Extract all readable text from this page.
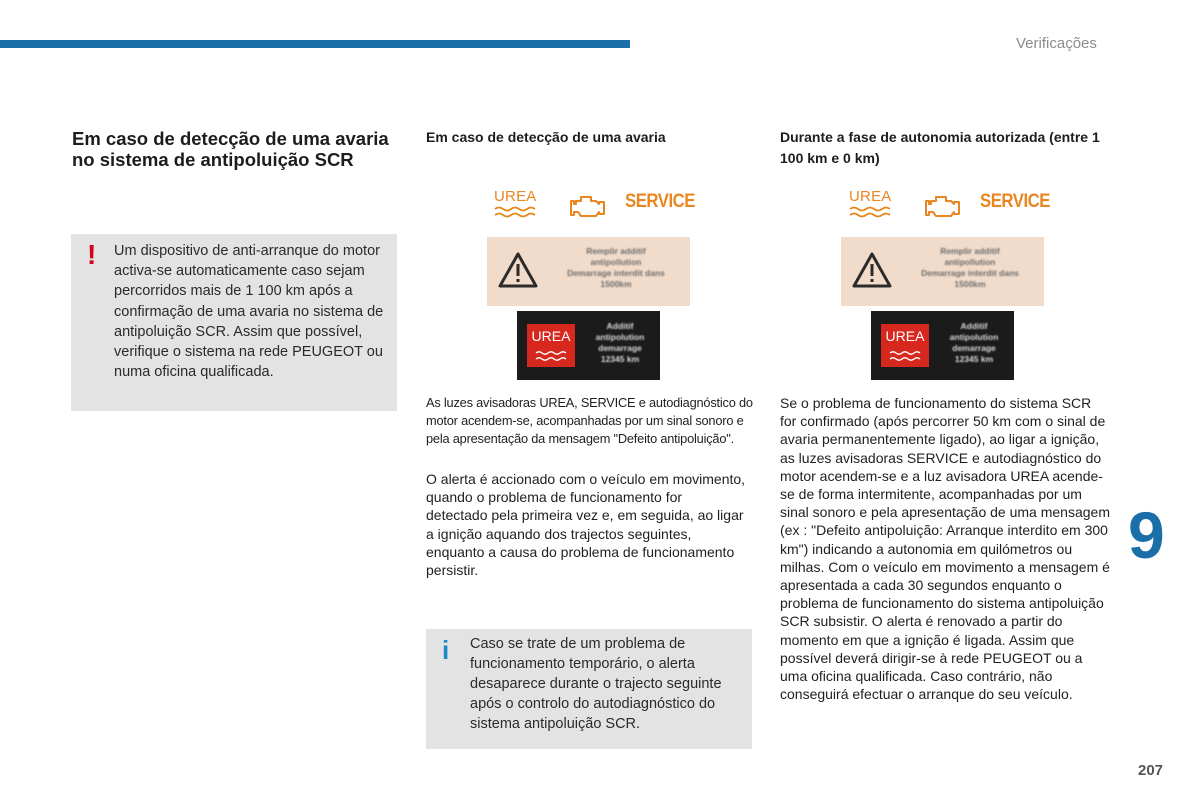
Verificações
Em caso de detecção de uma avaria no sistema de antipoluição SCR
! Um dispositivo de anti-arranque do motor activa-se automaticamente caso sejam percorridos mais de 1 100 km após a confirmação de uma avaria no sistema de antipoluição SCR. Assim que possível, verifique o sistema na rede PEUGEOT ou numa oficina qualificada.
Em caso de detecção de uma avaria
UREA	SERVICE
Remplir additif
antipollution
Demarrage interdit dans
1500km
UREA
Additif
antipolution
demarrage
12345 km

As luzes avisadoras UREA, SERVICE e autodiagnóstico do motor acendem-se, acompanhadas por um sinal sonoro e pela apresentação da mensagem "Defeito antipoluição".

O alerta é accionado com o veículo em movimento, quando o problema de funcionamento for detectado pela primeira vez e, em seguida, ao ligar a ignição aquando dos trajectos seguintes, enquanto a causa do problema de funcionamento persistir.

i Caso se trate de um problema de funcionamento temporário, o alerta desaparece durante o trajecto seguinte após o controlo do autodiagnóstico do sistema antipoluição SCR.
Durante a fase de autonomia autorizada (entre 1 100 km e 0 km)
UREA	SERVICE
Remplir additif
antipollution
Demarrage interdit dans
1500km
UREA
Additif
antipolution
demarrage
12345 km

Se o problema de funcionamento do sistema SCR for confirmado (após percorrer 50 km com o sinal de avaria permanentemente ligado), ao ligar a ignição, as luzes avisadoras SERVICE e autodiagnóstico do motor acendem-se e a luz avisadora UREA acende-se de forma intermitente, acompanhadas por um sinal sonoro e pela apresentação de uma mensagem (ex : "Defeito antipoluição: Arranque interdito em 300 km") indicando a autonomia em quilómetros ou milhas. Com o veículo em movimento a mensagem é apresentada a cada 30 segundos enquanto o problema de funcionamento do sistema antipoluição SCR subsistir. O alerta é renovado a partir do momento em que a ignição é ligada. Assim que possível deverá dirigir-se à rede PEUGEOT ou a uma oficina qualificada. Caso contrário, não conseguirá efectuar o arranque do seu veículo.

9
207
